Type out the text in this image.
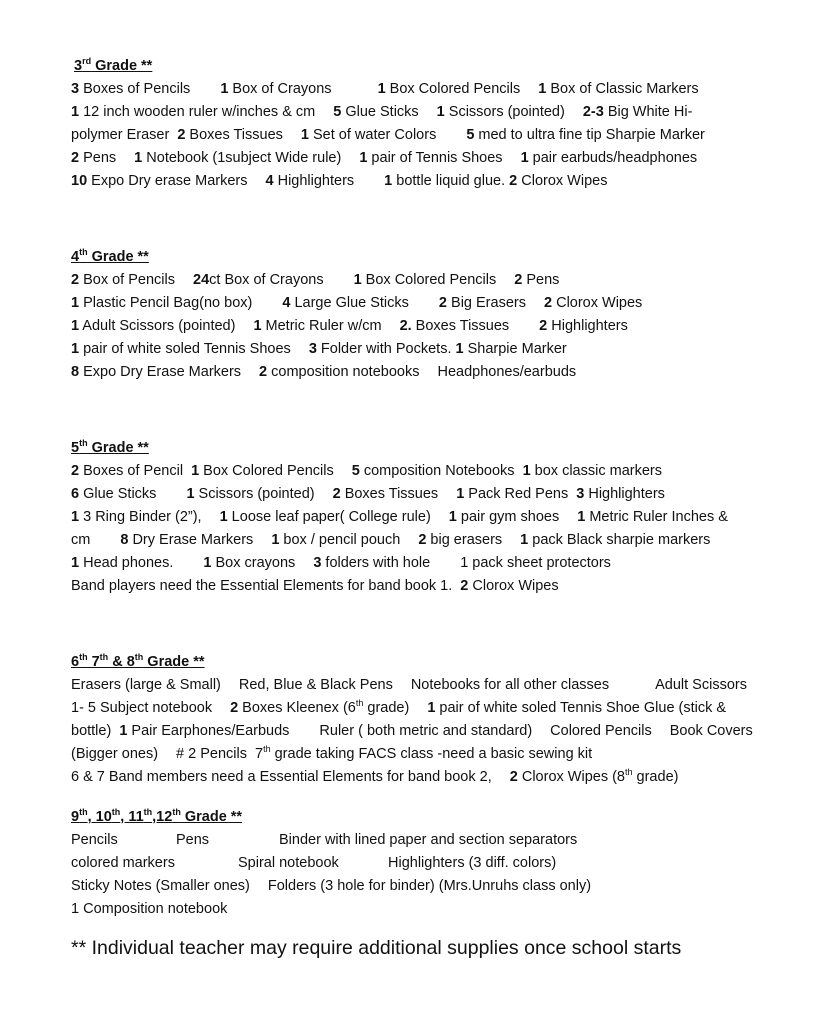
3rd Grade **
3 Boxes of Pencils 1 Box of Crayons	1 Box Colored Pencils 1 Box of Classic Markers
1 12 inch wooden ruler w/inches & cm 5 Glue Sticks 1 Scissors (pointed) 2-3 Big White Hi-
polymer Eraser 2 Boxes Tissues 1 Set of water Colors 5 med to ultra fine tip Sharpie Marker
2 Pens 1 Notebook (1subject Wide rule) 1 pair of Tennis Shoes 1 pair earbuds/headphones
10 Expo Dry erase Markers 4 Highlighters 1 bottle liquid glue. 2 Clorox Wipes
4th Grade **
2 Box of Pencils 24ct Box of Crayons 1 Box Colored Pencils 2 Pens
1 Plastic Pencil Bag(no box) 4 Large Glue Sticks 2 Big Erasers 2 Clorox Wipes
1 Adult Scissors (pointed) 1 Metric Ruler w/cm 2. Boxes Tissues 2 Highlighters
1 pair of white soled Tennis Shoes 3 Folder with Pockets. 1 Sharpie Marker
8 Expo Dry Erase Markers 2 composition notebooks Headphones/earbuds
5th Grade **
2 Boxes of Pencil 1 Box Colored Pencils 5 composition Notebooks 1 box classic markers
6 Glue Sticks 1 Scissors (pointed) 2 Boxes Tissues 1 Pack Red Pens 3 Highlighters
1 3 Ring Binder (2”), 1 Loose leaf paper( College rule) 1 pair gym shoes 1 Metric Ruler Inches &
cm 8 Dry Erase Markers 1 box / pencil pouch 2 big erasers 1 pack Black sharpie markers
1 Head phones. 1 Box crayons 3 folders with hole 1 pack sheet protectors
Band players need the Essential Elements for band book 1. 2 Clorox Wipes
6th 7th & 8th Grade **
Erasers (large & Small) Red, Blue & Black Pens Notebooks for all other classes	Adult Scissors
1- 5 Subject notebook 2 Boxes Kleenex (6th grade) 1 pair of white soled Tennis Shoe Glue (stick &
bottle) 1 Pair Earphones/Earbuds Ruler ( both metric and standard) Colored Pencils Book Covers
(Bigger ones) # 2 Pencils 7th grade taking FACS class -need a basic sewing kit
6 & 7 Band members need a Essential Elements for band book 2, 2 Clorox Wipes (8th grade)
9th, 10th, 11th,12th Grade **
Pencils	Pens	Binder with lined paper and section separators
colored markers	Spiral notebook	Highlighters (3 diff. colors)
Sticky Notes (Smaller ones) Folders (3 hole for binder) (Mrs.Unruhs class only)
1 Composition notebook
** Individual teacher may require additional supplies once school starts
